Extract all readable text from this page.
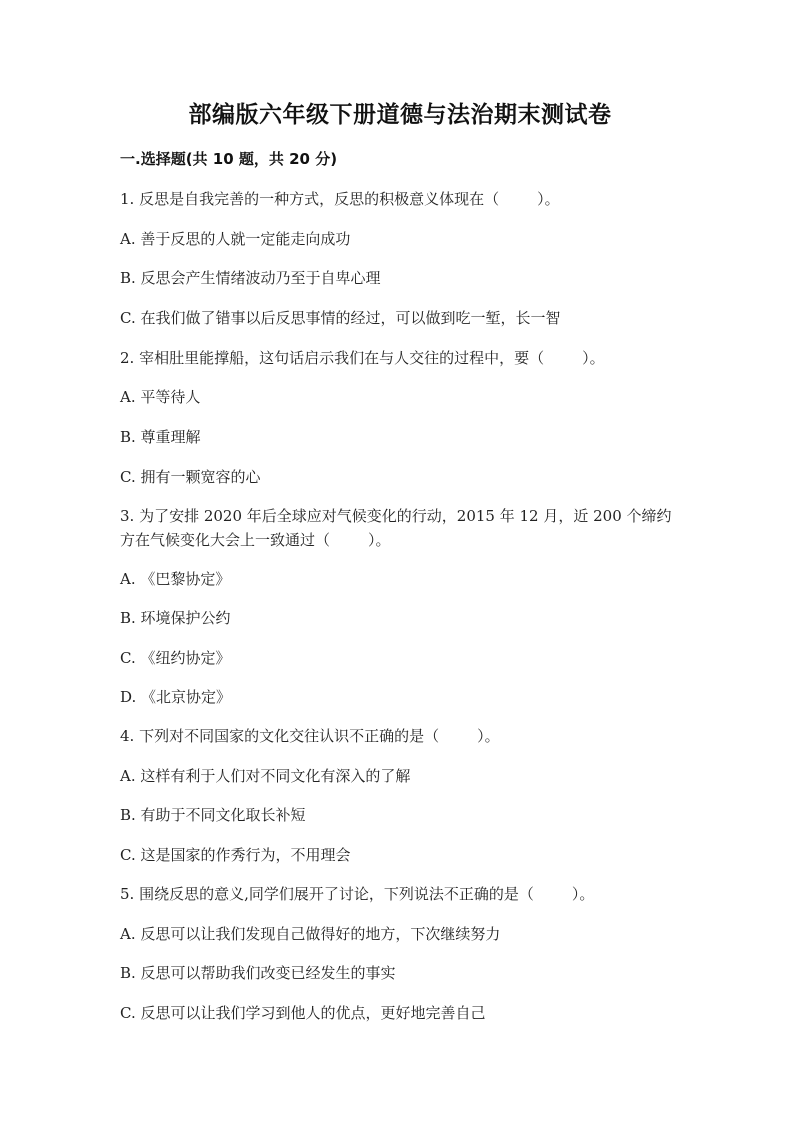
部编版六年级下册道德与法治期末测试卷
一.选择题(共 10 题，共 20 分)
1. 反思是自我完善的一种方式，反思的积极意义体现在（	）。
A. 善于反思的人就一定能走向成功
B. 反思会产生情绪波动乃至于自卑心理
C. 在我们做了错事以后反思事情的经过，可以做到吃一堑，长一智
2. 宰相肚里能撑船，这句话启示我们在与人交往的过程中，要（	）。
A. 平等待人
B. 尊重理解
C. 拥有一颗宽容的心
3. 为了安排 2020 年后全球应对气候变化的行动，2015 年 12 月，近 200 个缔约
方在气候变化大会上一致通过（	）。
A. 《巴黎协定》
B. 环境保护公约
C. 《纽约协定》
D. 《北京协定》
4. 下列对不同国家的文化交往认识不正确的是（	）。
A. 这样有利于人们对不同文化有深入的了解
B. 有助于不同文化取长补短
C. 这是国家的作秀行为，不用理会
5. 围绕反思的意义,同学们展开了讨论，下列说法不正确的是（	）。
A. 反思可以让我们发现自己做得好的地方，下次继续努力
B. 反思可以帮助我们改变已经发生的事实
C. 反思可以让我们学习到他人的优点，更好地完善自己
